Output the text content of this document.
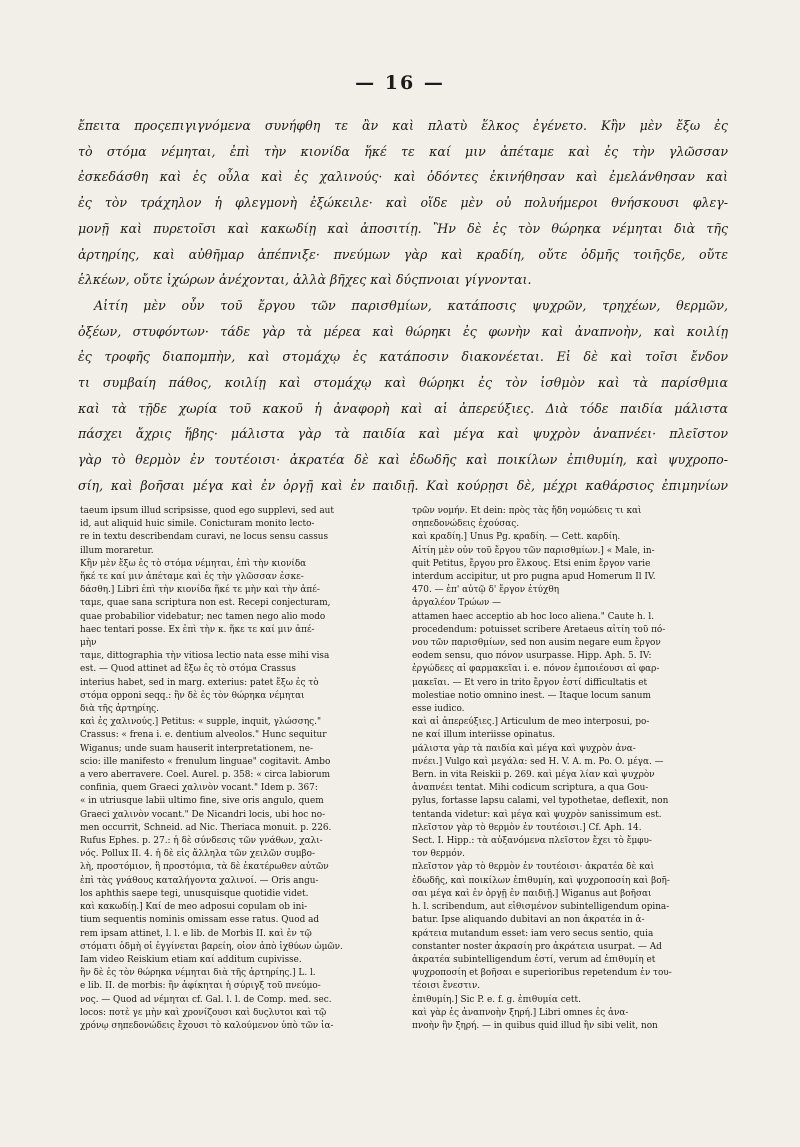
— 16 —
ἔπειτα προςεπιγιγνόμενα συνήφθη τε ἂν καὶ πλατὺ ἕλκος ἐγένετο. Κἢν μὲν ἔξω ἐς
τὸ στόμα νέμηται, ἐπὶ τὴν κιονίδα ἥκέ τε καί μιν ἀπέταμε καὶ ἐς τὴν γλῶσσαν
ἐσκεδάσθη καὶ ἐς οὖλα καὶ ἐς χαλινούς· καὶ ὀδόντες ἐκινήθησαν καὶ ἐμελάνθησαν καὶ
ἐς τὸν τράχηλον ἡ φλεγμονὴ ἐξώκειλε· καὶ οἵδε μὲν οὐ πολυήμεροι θνήσκουσι φλεγ-
μονῇ καὶ πυρετοῖσι καὶ κακωδίῃ καὶ ἀποσιτίῃ. Ἢν δὲ ἐς τὸν θώρηκα νέμηται διὰ τῆς
ἀρτηρίης, καὶ αὐθῆμαρ ἀπέπνιξε· πνεύμων γὰρ καὶ κραδίη, οὔτε ὀδμῆς τοιῆςδε, οὔτε
ἑλκέων, οὔτε ἰχώρων ἀνέχονται, ἀλλὰ βῆχες καὶ δύςπνοιαι γίγνονται.
Αἰτίη μὲν οὖν τοῦ ἔργου τῶν παρισθμίων, κατάποσις ψυχρῶν, τρηχέων, θερμῶν,
ὀξέων, στυφόντων· τάδε γὰρ τὰ μέρεα καὶ θώρηκι ἐς φωνὴν καὶ ἀναπνοὴν, καὶ κοιλίῃ
ἐς τροφῆς διαπομπὴν, καὶ στομάχῳ ἐς κατάποσιν διακονέεται. Εἰ δὲ καὶ τοῖσι ἔνδον
τι συμβαίη πάθος, κοιλίῃ καὶ στομάχῳ καὶ θώρηκι ἐς τὸν ἰσθμὸν καὶ τὰ παρίσθμια
καὶ τὰ τῇδε χωρία τοῦ κακοῦ ἡ ἀναφορὴ καὶ αἱ ἀπερεύξιες. Διὰ τόδε παιδία μάλιστα
πάσχει ἄχρις ἥβης· μάλιστα γὰρ τὰ παιδία καὶ μέγα καὶ ψυχρὸν ἀναπνέει· πλεῖστον
γὰρ τὸ θερμὸν ἐν τουτέοισι· ἀκρατέα δὲ καὶ ἐδωδῆς καὶ ποικίλων ἐπιθυμίη, καὶ ψυχροπο-
σίη, καὶ βοῆσαι μέγα καὶ ἐν ὀργῇ καὶ ἐν παιδιῇ. Καὶ κούρῃσι δὲ, μέχρι καθάρσιος ἐπιμηνίων
taeum ipsum illud scripsisse, quod ego supplevi, sed aut
id, aut aliquid huic simile. Conicturam monito lecto-
re in textu describendam curavi, ne locus sensu cassus
illum moraretur.
Κἢν μὲν ἔξω ἐς τὸ στόμα νέμηται, ἐπὶ τὴν κιονίδα
ἥκέ τε καί μιν ἀπέταμε καὶ ἐς τὴν γλῶσσαν ἐσκε-
δάσθη.] Libri ἐπὶ τὴν κιονίδα ἥκέ τε μὴν καὶ τὴν ἀπέ-
ταμε, quae sana scriptura non est. Recepi conjecturam,
quae probabilior videbatur; nec tamen nego alio modo
haec tentari posse. Ex ἐπὶ τὴν κ. ἥκε τε καί μιν ἀπέ-
μὴν
ταμε, dittographia τὴν vitiosa lectio nata esse mihi visa
est. — Quod attinet ad ἔξω ἐς τὸ στόμα Crassus
interius habet, sed in marg. exterius: patet ἔξω ἐς τὸ
στόμα opponi seqq.: ἢν δὲ ἐς τὸν θώρηκα νέμηται
διὰ τῆς ἀρτηρίης.
καὶ ἐς χαλινούς.] Petitus: « supple, inquit, γλώσσης."
Crassus: « frena i. e. dentium alveolos." Hunc sequitur
Wiganus; unde suam hauserit interpretationem, ne-
scio: ille manifesto « frenulum linguae" cogitavit. Ambo
a vero aberravere. Coel. Aurel. p. 358: « circa labiorum
confinia, quem Graeci χαλινὸν vocant." Idem p. 367:
« in utriusque labii ultimo fine, sive oris angulo, quem
Graeci χαλινὸν vocant." De Nicandri locis, ubi hoc no-
men occurrit, Schneid. ad Nic. Theriaca monuit. p. 226.
Rufus Ephes. p. 27.: ἡ δὲ σύνδεσις τῶν γνάθων, χαλι-
νός. Pollux II. 4. ἡ δὲ εἰς ἄλληλα τῶν χειλῶν συμβο-
λὴ, προστόμιον, ἢ προστόμια, τὰ δὲ ἑκατέρωθεν αὐτῶν
ἐπὶ τὰς γνάθους καταλήγοντα χαλινοί. — Oris angu-
los aphthis saepe tegi, unusquisque quotidie videt.
καὶ κακωδίῃ.] Καί de meo adposui copulam ob ini-
tium sequentis nominis omissam esse ratus. Quod ad
rem ipsam attinet, l. l. e lib. de Morbis II. καὶ ἐν τῷ
στόματι ὀδμὴ οἱ ἐγγίνεται βαρείη, οἷον ἀπὸ ἰχθύων ὠμῶν.
Iam video Reiskium etiam καί additum cupivisse.
ἢν δὲ ἐς τὸν θώρηκα νέμηται διὰ τῆς ἀρτηρίης.] L. l.
e lib. II. de morbis: ἢν ἀφίκηται ἡ σύριγξ τοῦ πνεύμο-
νος. — Quod ad νέμηται cf. Gal. l. l. de Comp. med. sec.
locos: ποτὲ γε μὴν καὶ χρονίζουσι καὶ δυςλυτοι καὶ τῷ
χρόνῳ σηπεδονώδεις ἔχουσι τὸ καλούμενον ὑπὸ τῶν ἰα-
τρῶν νομήν. Et dein: πρὸς τὰς ἤδη νομώδεις τι καὶ
σηπεδονώδεις ἐχούσας.
καὶ κραδίη.] Unus Pg. κραδίη. — Cett. καρδίη.
Αἰτίη μὲν οὖν τοῦ ἔργου τῶν παρισθμίων.] « Male, in-
quit Petitus, ἔργου pro ἕλκους. Etsi enim ἔργον varie
interdum accipitur, ut pro pugna apud Homerum Il IV.
470. — ἐπ' αὐτῷ δ' ἔργον ἐτύχθη
ἀργαλέον Τρώων —
attamen haec acceptio ab hoc loco aliena." Caute h. l.
procedendum: potuisset scribere Aretaeus αἰτίη τοῦ πό-
νου τῶν παρισθμίων, sed non ausim negare eum ἔργον
eodem sensu, quo πόνον usurpasse. Hipp. Aph. 5. IV:
ἐργώδεες αἱ φαρμακεῖαι i. e. πόνον ἐμποιέουσι αἱ φαρ-
μακεῖαι. — Et vero in trito ἔργον ἐστί difficultatis et
molestiae notio omnino inest. — Itaque locum sanum
esse iudico.
καὶ αἱ ἀπερεύξιες.] Articulum de meo interposui, po-
ne καί illum interiisse opinatus.
μάλιστα γὰρ τὰ παιδία καὶ μέγα καὶ ψυχρὸν ἀνα-
πνέει.] Vulgo καὶ μεγάλα: sed H. V. A. m. Po. O. μέγα. —
Bern. in vita Reiskii p. 269. καὶ μέγα λίαν καὶ ψυχρὸν
ἀναπνέει tentat. Mihi codicum scriptura, a qua Gou-
pylus, fortasse lapsu calami, vel typothetae, deflexit, non
tentanda videtur: καὶ μέγα καὶ ψυχρὸν sanissimum est.
πλεῖστον γὰρ τὸ θερμὸν ἐν τουτέοισι.] Cf. Aph. 14.
Sect. I. Hipp.: τὰ αὐξανόμενα πλεῖστον ἔχει τὸ ἔμφυ-
τον θερμόν.
πλεῖστον γὰρ τὸ θερμὸν ἐν τουτέοισι· ἀκρατέα δὲ καὶ
ἐδωδῆς, καὶ ποικίλων ἐπιθυμίη, καὶ ψυχροποσίη καὶ βοῆ-
σαι μέγα καὶ ἐν ὀργῇ ἐν παιδιῇ.] Wiganus aut βοῆσαι
h. l. scribendum, aut εἰθισμένον subintelligendum opina-
batur. Ipse aliquando dubitavi an non ἀκρατέα in ἀ-
κράτεια mutandum esset: iam vero secus sentio, quia
constanter noster ἀκρασίη pro ἀκράτεια usurpat. — Ad
ἀκρατέα subintelligendum ἐστί, verum ad ἐπιθυμίη et
ψυχροποσίη et βοῆσαι e superioribus repetendum ἐν του-
τέοισι ἔνεστιν.
ἐπιθυμίη.] Sic P. e. f. g. ἐπιθυμία cett.
καὶ γὰρ ἐς ἀναπνοὴν ξηρή.] Libri omnes ἐς ἀνα-
πνοὴν ἢν ξηρή. — in quibus quid illud ἢν sibi velit, non
